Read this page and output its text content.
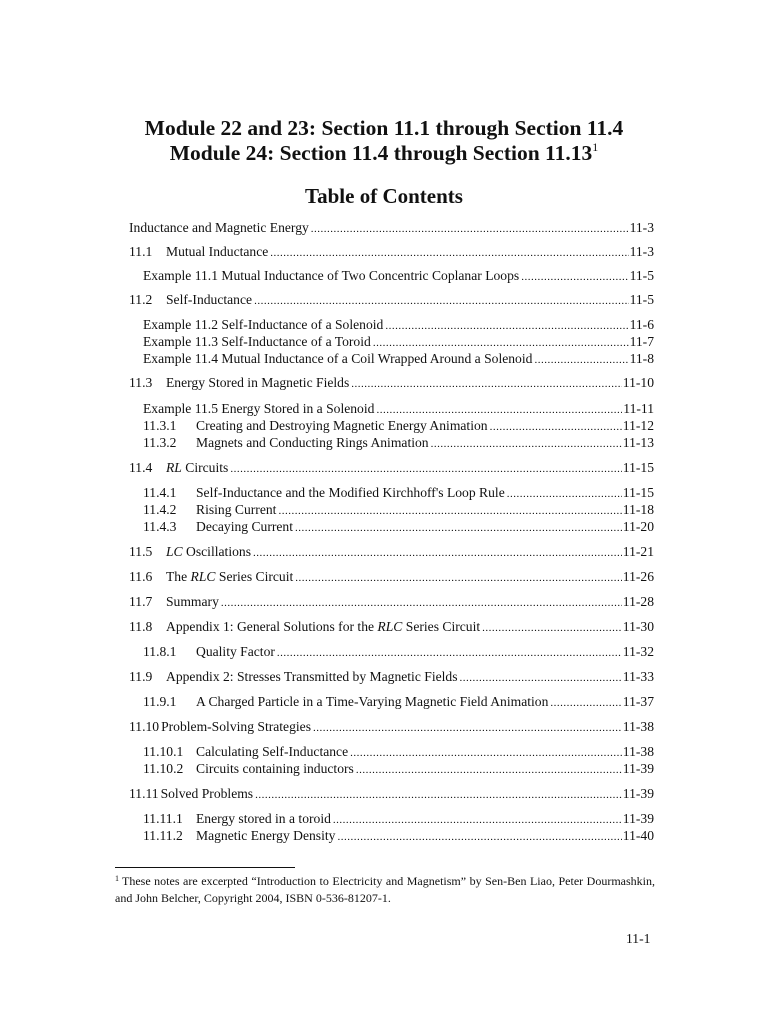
Module 22 and 23: Section 11.1 through Section 11.4
Module 24: Section 11.4 through Section 11.13$^1$
Table of Contents
Inductance and Magnetic Energy .....	11-3
11.1 Mutual Inductance .....	11-3
Example 11.1 Mutual Inductance of Two Concentric Coplanar Loops .....	11-5
11.2 Self-Inductance .....	11-5
Example 11.2 Self-Inductance of a Solenoid .....	11-6
Example 11.3 Self-Inductance of a Toroid .....	11-7
Example 11.4 Mutual Inductance of a Coil Wrapped Around a Solenoid .....	11-8
11.3 Energy Stored in Magnetic Fields .....	11-10
Example 11.5 Energy Stored in a Solenoid .....	11-11
11.3.1 Creating and Destroying Magnetic Energy Animation .....	11-12
11.3.2 Magnets and Conducting Rings Animation .....	11-13
11.4 RL Circuits .....	11-15
11.4.1 Self-Inductance and the Modified Kirchhoff's Loop Rule .....	11-15
11.4.2 Rising Current .....	11-18
11.4.3 Decaying Current .....	11-20
11.5 LC Oscillations .....	11-21
11.6 The RLC Series Circuit .....	11-26
11.7 Summary .....	11-28
11.8 Appendix 1: General Solutions for the RLC Series Circuit .....	11-30
11.8.1 Quality Factor .....	11-32
11.9 Appendix 2: Stresses Transmitted by Magnetic Fields .....	11-33
11.9.1 A Charged Particle in a Time-Varying Magnetic Field Animation .....	11-37
11.10 Problem-Solving Strategies .....	11-38
11.10.1 Calculating Self-Inductance .....	11-38
11.10.2 Circuits containing inductors .....	11-39
11.11 Solved Problems .....	11-39
11.11.1 Energy stored in a toroid .....	11-39
11.11.2 Magnetic Energy Density .....	11-40

$^1$ These notes are excerpted “Introduction to Electricity and Magnetism” by Sen-Ben Liao, Peter Dourmashkin, and John Belcher, Copyright 2004, ISBN 0-536-81207-1.

11-1
